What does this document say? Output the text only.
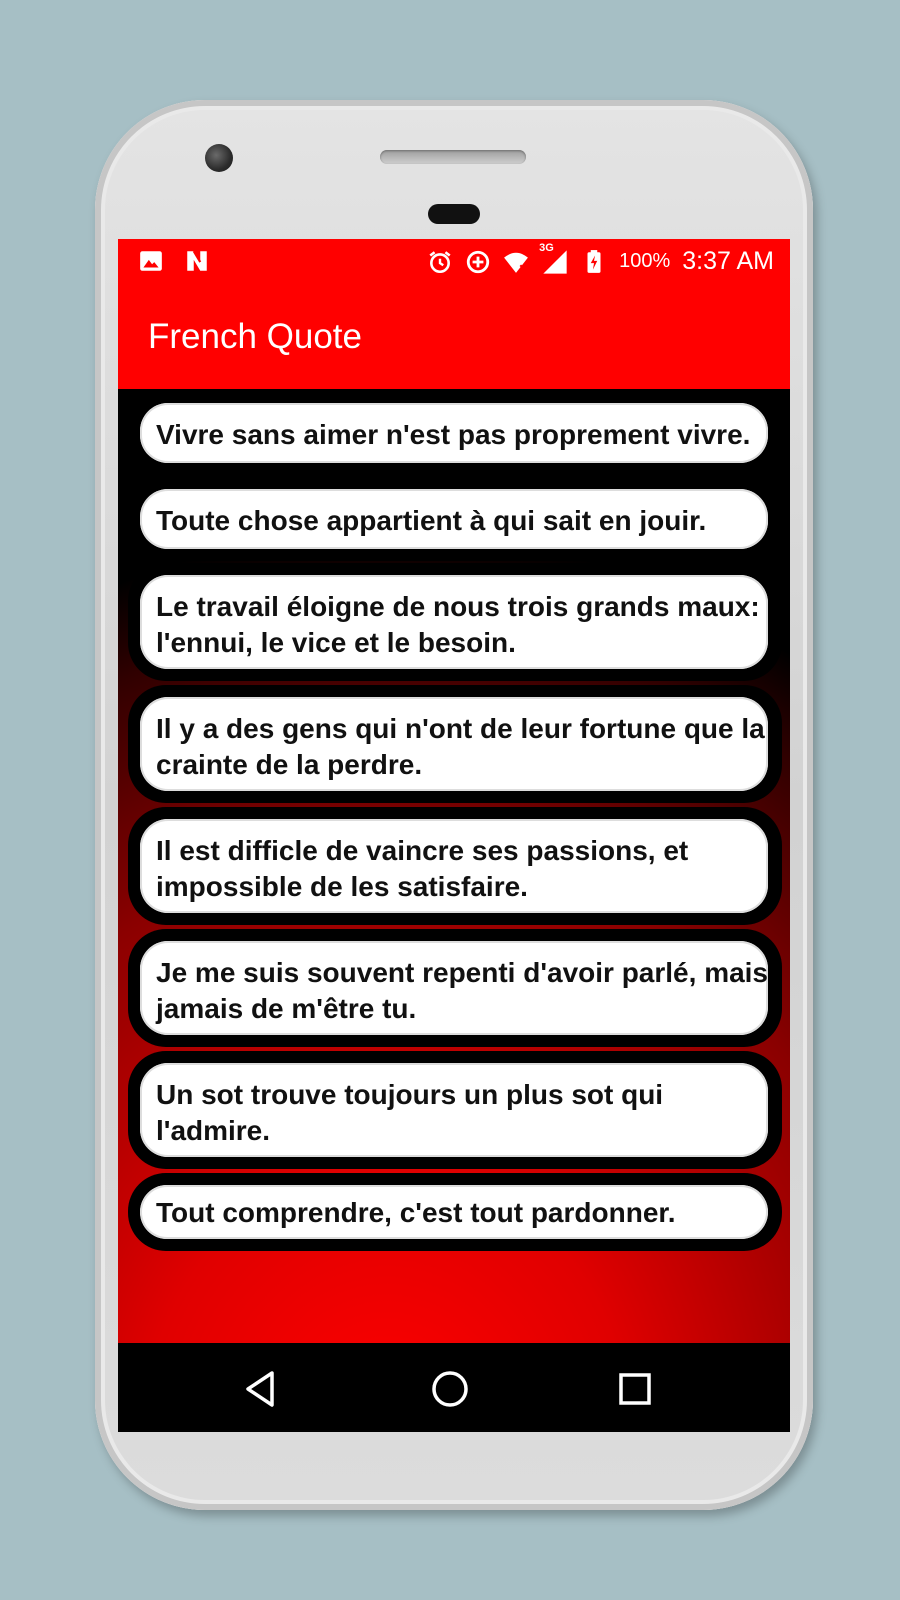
3G
100% 3:37 AM
French Quote
Vivre sans aimer n'est pas proprement vivre.
Toute chose appartient à qui sait en jouir.
Le travail éloigne de nous trois grands maux:
l'ennui, le vice et le besoin.
Il y a des gens qui n'ont de leur fortune que la
crainte de la perdre.
Il est difficle de vaincre ses passions, et
impossible de les satisfaire.
Je me suis souvent repenti d'avoir parlé, mais
jamais de m'être tu.
Un sot trouve toujours un plus sot qui
l'admire.
Tout comprendre, c'est tout pardonner.
